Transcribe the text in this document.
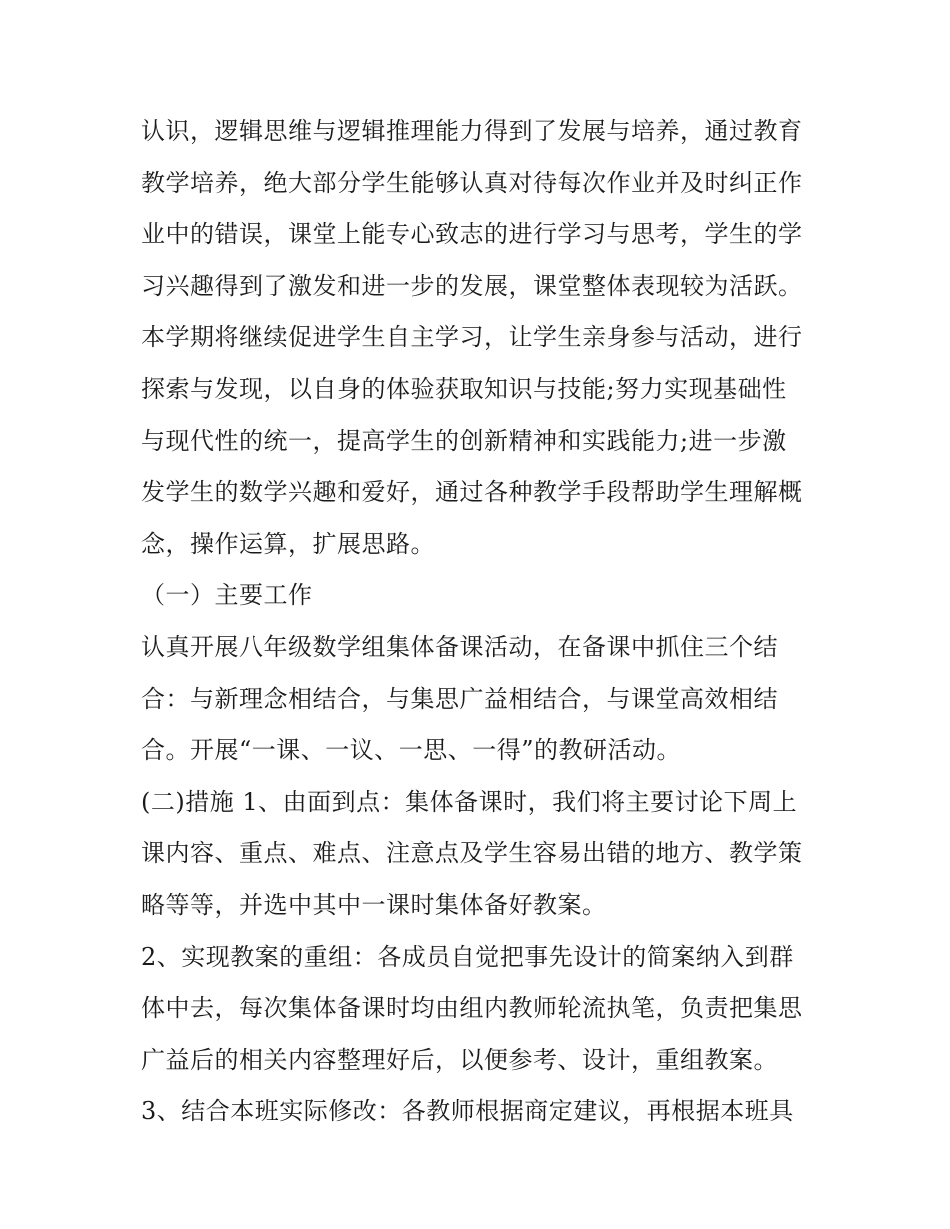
认识，逻辑思维与逻辑推理能力得到了发展与培养，通过教育
教学培养，绝大部分学生能够认真对待每次作业并及时纠正作
业中的错误，课堂上能专心致志的进行学习与思考，学生的学
习兴趣得到了激发和进一步的发展，课堂整体表现较为活跃。
本学期将继续促进学生自主学习，让学生亲身参与活动，进行
探索与发现，以自身的体验获取知识与技能;努力实现基础性
与现代性的统一，提高学生的创新精神和实践能力;进一步激
发学生的数学兴趣和爱好，通过各种教学手段帮助学生理解概
念，操作运算，扩展思路。
（一）主要工作
认真开展八年级数学组集体备课活动，在备课中抓住三个结
合：与新理念相结合，与集思广益相结合，与课堂高效相结
合。开展“一课、一议、一思、一得”的教研活动。
(二)措施 1、由面到点：集体备课时，我们将主要讨论下周上
课内容、重点、难点、注意点及学生容易出错的地方、教学策
略等等，并选中其中一课时集体备好教案。
2、实现教案的重组：各成员自觉把事先设计的简案纳入到群
体中去，每次集体备课时均由组内教师轮流执笔，负责把集思
广益后的相关内容整理好后，以便参考、设计，重组教案。
3、结合本班实际修改：各教师根据商定建议，再根据本班具
